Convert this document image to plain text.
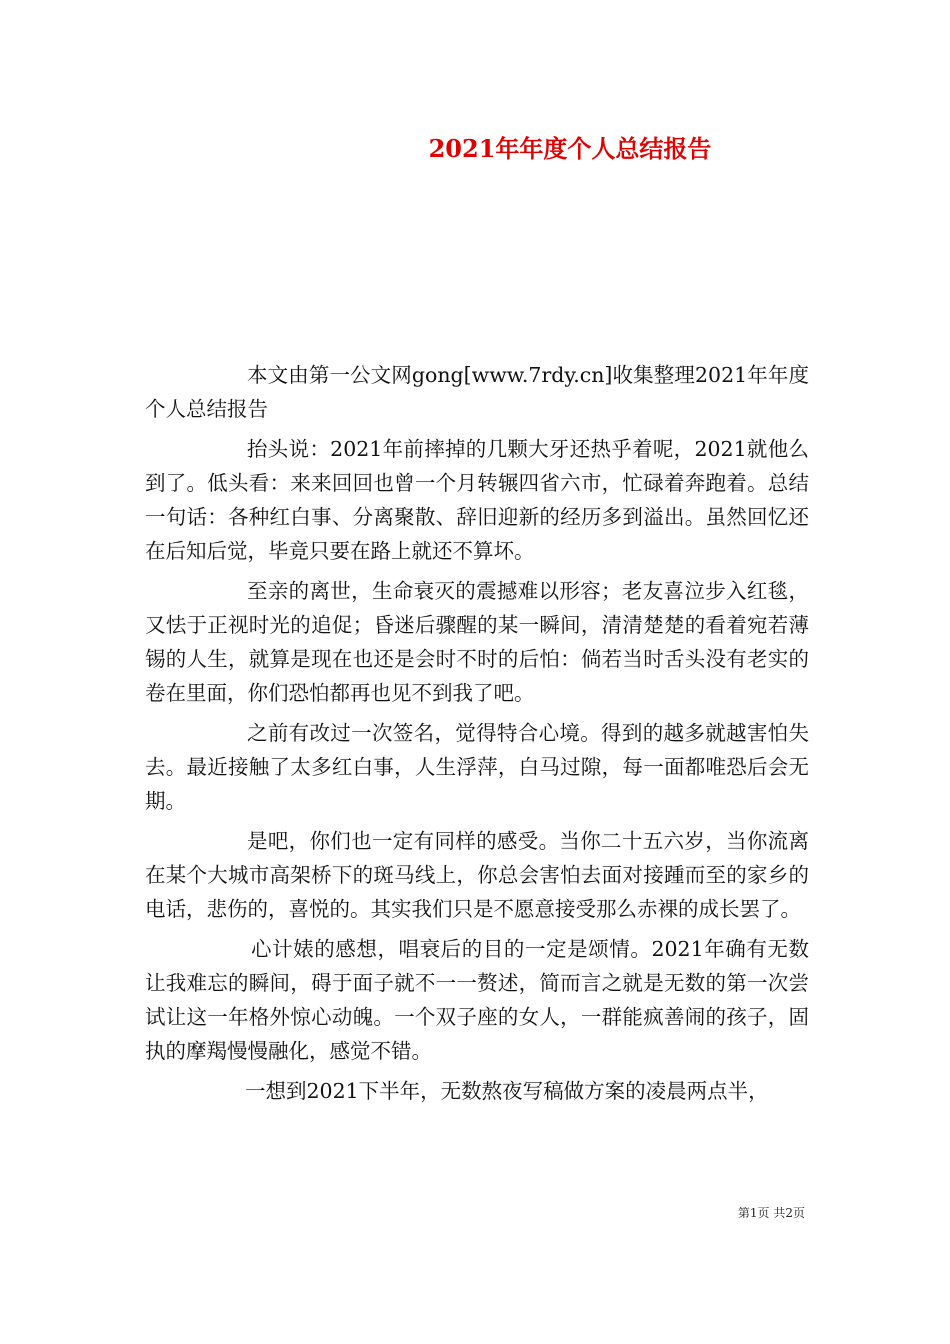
2021年年度个人总结报告

本文由第一公文网gong[www.7rdy.cn]收集整理2021年年度个人总结报告

抬头说：2021年前摔掉的几颗大牙还热乎着呢，2021就他么到了。低头看：来来回回也曾一个月转辗四省六市，忙碌着奔跑着。总结一句话：各种红白事、分离聚散、辞旧迎新的经历多到溢出。虽然回忆还在后知后觉，毕竟只要在路上就还不算坏。

至亲的离世，生命衰灭的震撼难以形容；老友喜泣步入红毯，又怯于正视时光的追促；昏迷后骤醒的某一瞬间，清清楚楚的看着宛若薄锡的人生，就算是现在也还是会时不时的后怕：倘若当时舌头没有老实的卷在里面，你们恐怕都再也见不到我了吧。

之前有改过一次签名，觉得特合心境。得到的越多就越害怕失去。最近接触了太多红白事，人生浮萍，白马过隙，每一面都唯恐后会无期。

是吧，你们也一定有同样的感受。当你二十五六岁，当你流离在某个大城市高架桥下的斑马线上，你总会害怕去面对接踵而至的家乡的电话，悲伤的，喜悦的。其实我们只是不愿意接受那么赤裸的成长罢了。

心计婊的感想，唱衰后的目的一定是颂情。2021年确有无数让我难忘的瞬间，碍于面子就不一一赘述，简而言之就是无数的第一次尝试让这一年格外惊心动魄。一个双子座的女人，一群能疯善闹的孩子，固执的摩羯慢慢融化，感觉不错。

一想到2021下半年，无数熬夜写稿做方案的凌晨两点半，

第1页 共2页
